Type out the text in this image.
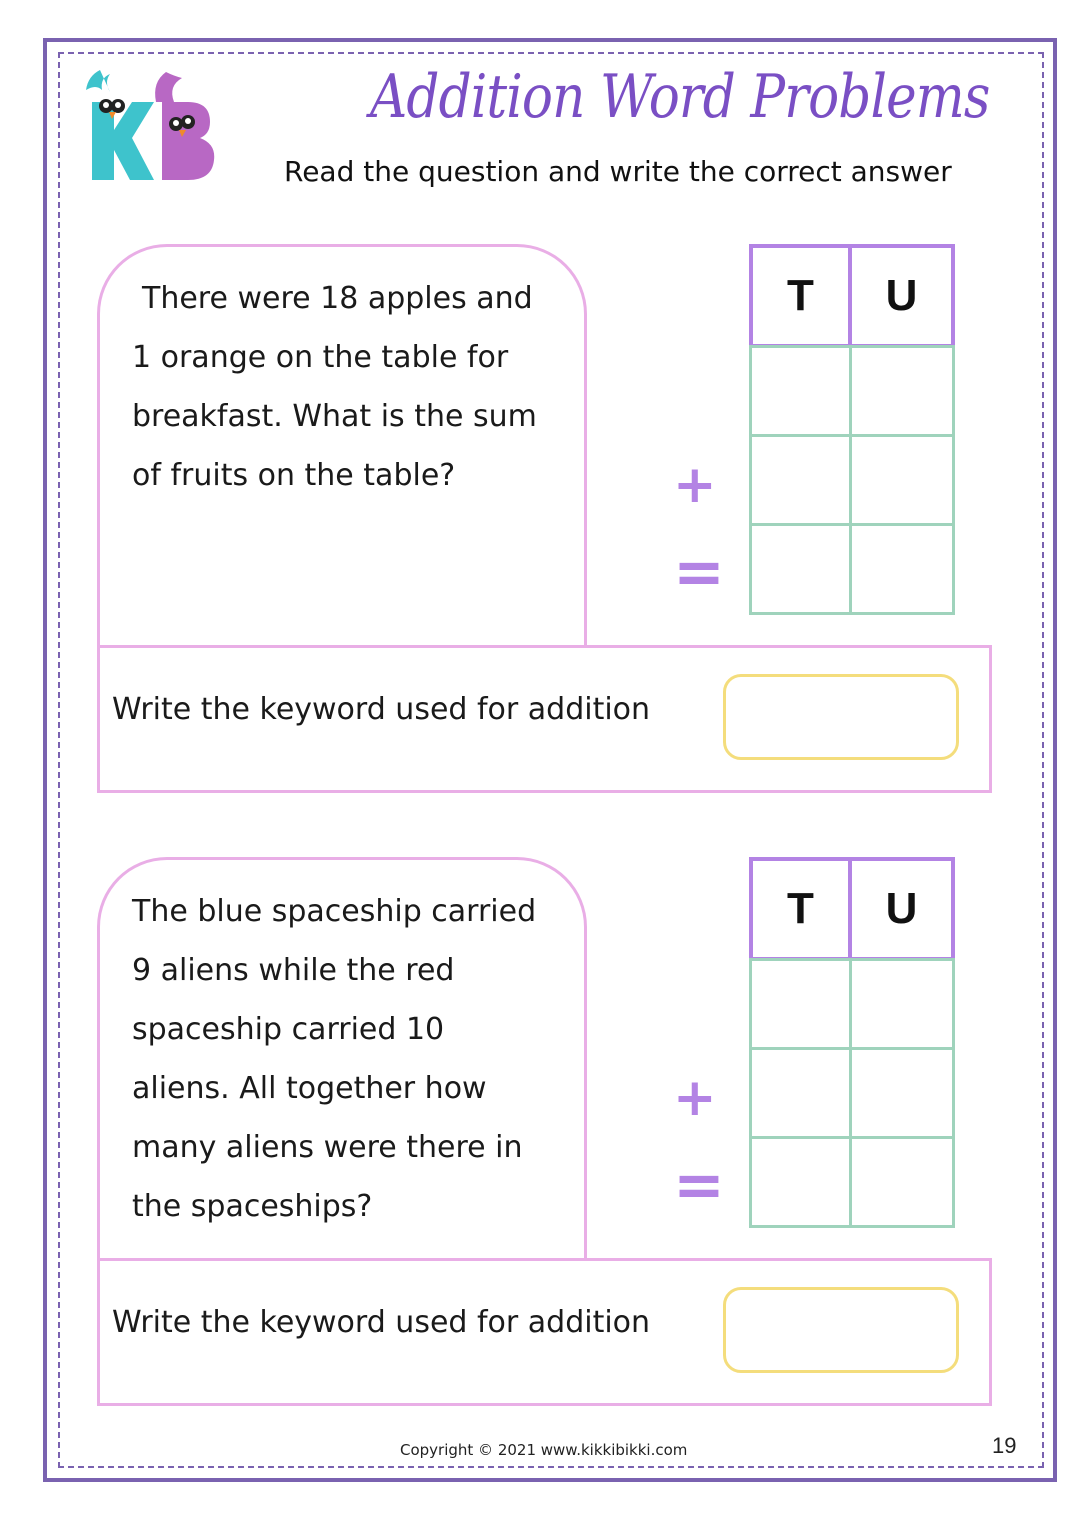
Addition Word Problems
Read the question and write the correct answer
There were 18 apples and
1 orange on the table for
breakfast. What is the sum
of fruits on the table?
T	U
+
=
Write the keyword used for addition
The blue spaceship carried
9 aliens while the red
spaceship carried 10
aliens. All together how
many aliens were there in
the spaceships?
T	U
+
=
Write the keyword used for addition
Copyright © 2021 www.kikkibikki.com	19
